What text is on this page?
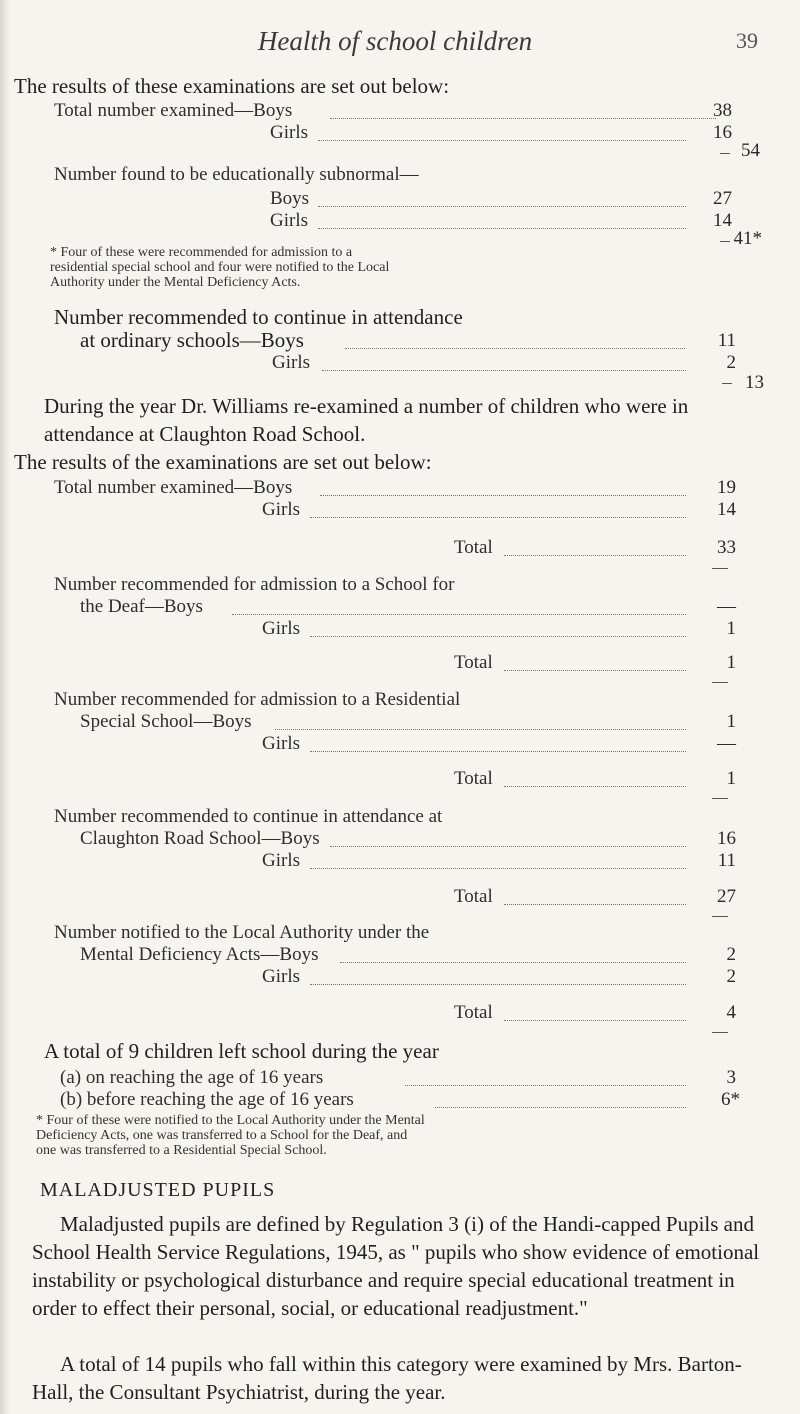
Health of school children	39
The results of these examinations are set out below:
Total number examined—Boys	38
Girls	16
54
Number found to be educationally subnormal—
Boys	27
Girls	14
41*
* Four of these were recommended for admission to a residential special school and four were notified to the Local Authority under the Mental Deficiency Acts.
Number recommended to continue in attendance
at ordinary schools—Boys	11
Girls	2
13
During the year Dr. Williams re-examined a number of children who were in attendance at Claughton Road School.
The results of the examinations are set out below:
Total number examined—Boys	19
Girls	14
Total	33
Number recommended for admission to a School for
the Deaf—Boys	—
Girls	1
Total	1
Number recommended for admission to a Residential
Special School—Boys	1
Girls	—
Total	1
Number recommended to continue in attendance at
Claughton Road School—Boys	16
Girls	11
Total	27
Number notified to the Local Authority under the
Mental Deficiency Acts—Boys	2
Girls	2
Total	4
A total of 9 children left school during the year
(a) on reaching the age of 16 years	3
(b) before reaching the age of 16 years	6*
* Four of these were notified to the Local Authority under the Mental Deficiency Acts, one was transferred to a School for the Deaf, and one was transferred to a Residential Special School.
MALADJUSTED PUPILS
Maladjusted pupils are defined by Regulation 3 (i) of the Handi-capped Pupils and School Health Service Regulations, 1945, as " pupils who show evidence of emotional instability or psychological disturbance and require special educational treatment in order to effect their personal, social, or educational readjustment."
A total of 14 pupils who fall within this category were examined by Mrs. Barton-Hall, the Consultant Psychiatrist, during the year.
